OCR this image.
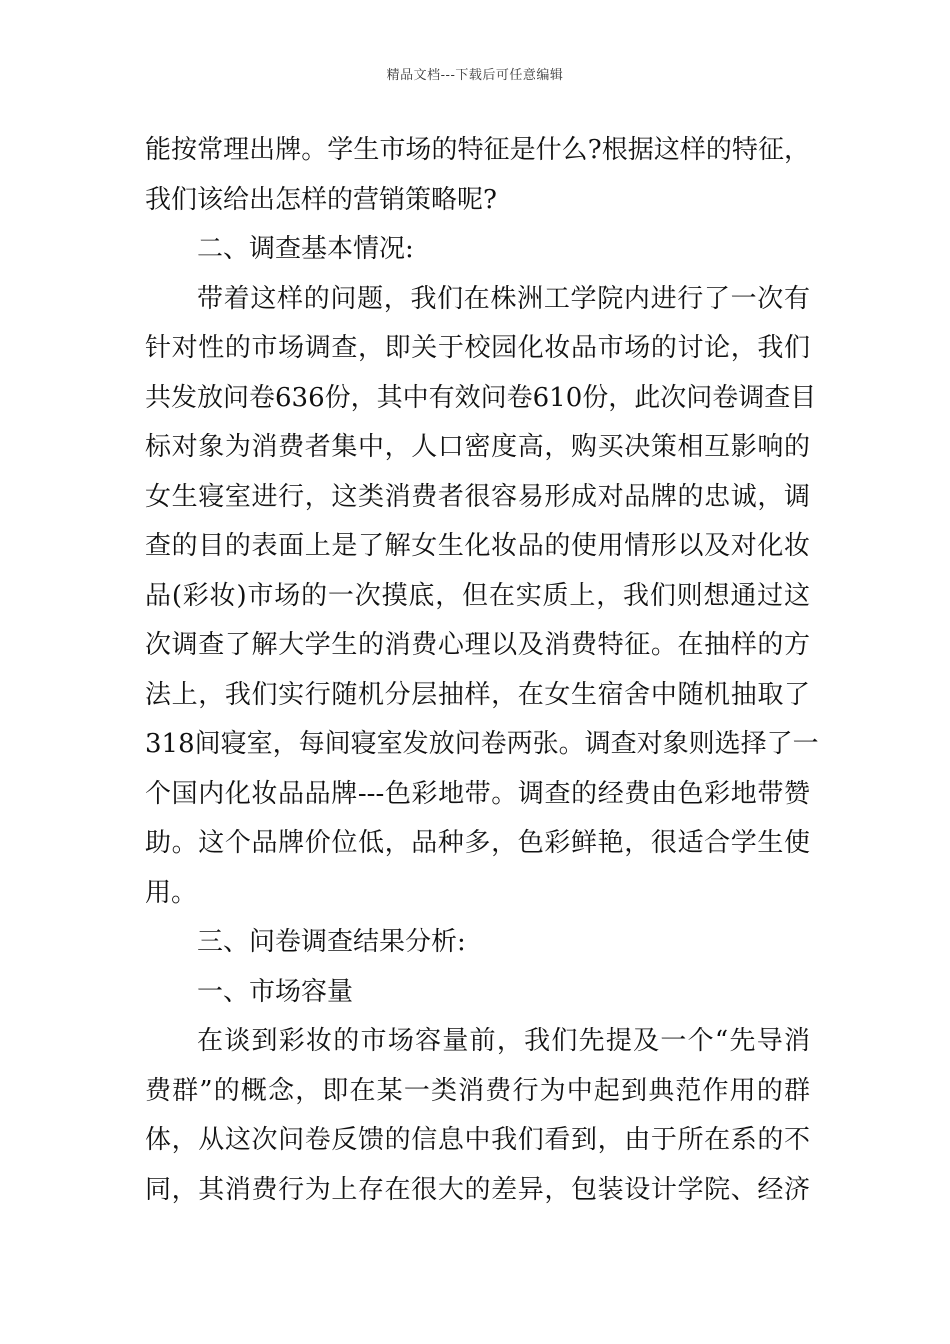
精品文档---下载后可任意编辑
能按常理出牌。学生市场的特征是什么?根据这样的特征，
我们该给出怎样的营销策略呢?
二、调查基本情况:
带着这样的问题，我们在株洲工学院内进行了一次有
针对性的市场调查，即关于校园化妆品市场的讨论，我们
共发放问卷636份，其中有效问卷610份，此次问卷调查目
标对象为消费者集中，人口密度高，购买决策相互影响的
女生寝室进行，这类消费者很容易形成对品牌的忠诚，调
查的目的表面上是了解女生化妆品的使用情形以及对化妆
品(彩妆)市场的一次摸底，但在实质上，我们则想通过这
次调查了解大学生的消费心理以及消费特征。在抽样的方
法上，我们实行随机分层抽样，在女生宿舍中随机抽取了
318间寝室，每间寝室发放问卷两张。调查对象则选择了一
个国内化妆品品牌---色彩地带。调查的经费由色彩地带赞
助。这个品牌价位低，品种多，色彩鲜艳，很适合学生使
用。
三、问卷调查结果分析:
一、市场容量
在谈到彩妆的市场容量前，我们先提及一个“先导消
费群”的概念，即在某一类消费行为中起到典范作用的群
体，从这次问卷反馈的信息中我们看到，由于所在系的不
同，其消费行为上存在很大的差异，包装设计学院、经济
